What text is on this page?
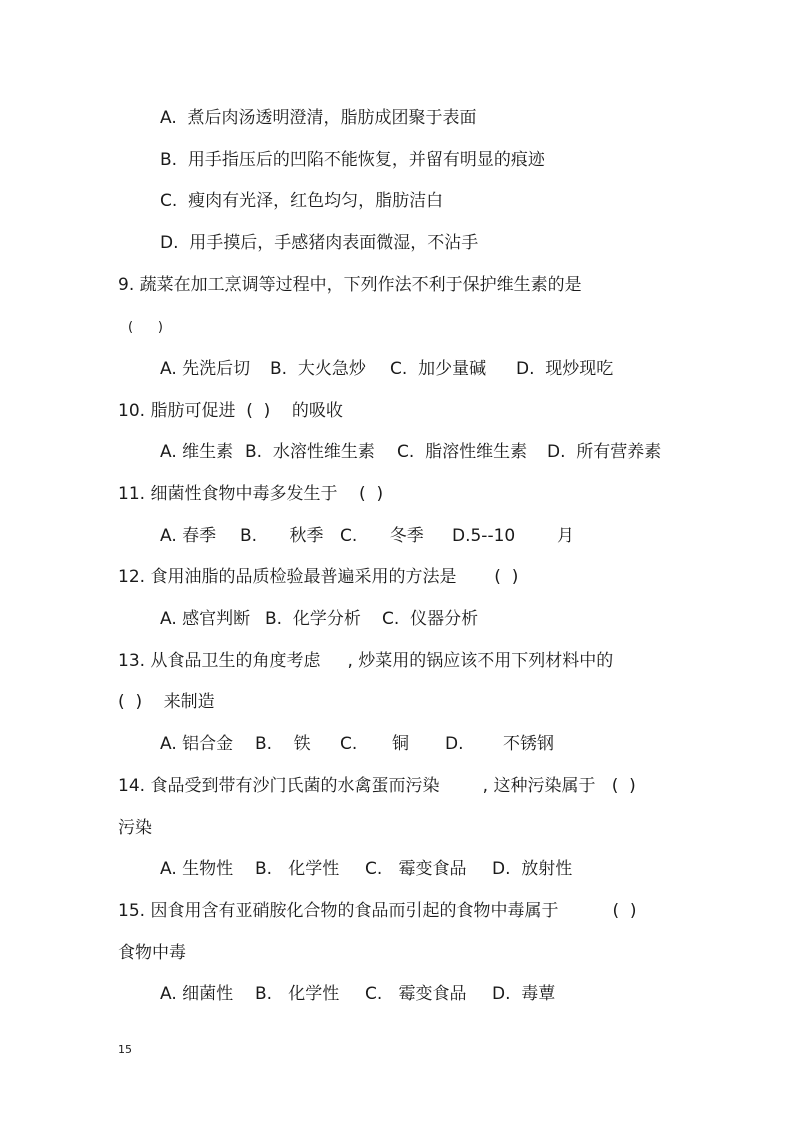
A.  煮后肉汤透明澄清，脂肪成团聚于表面
B.  用手指压后的凹陷不能恢复，并留有明显的痕迹
C.  瘦肉有光泽，红色均匀，脂肪洁白
D.  用手摸后，手感猪肉表面微湿，不沾手
9. 蔬菜在加工烹调等过程中，下列作法不利于保护维生素的是
(      )
A. 先洗后切 B.  大火急炒 C.  加少量碱 D.  现炒现吃
10. 脂肪可促进  (  )    的吸收
A. 维生素 B.  水溶性维生素 C.  脂溶性维生素 D.  所有营养素
11. 细菌性食物中毒多发生于    (  )
A. 春季 B.      秋季 C.      冬季 D.5--10 月
12. 食用油脂的品质检验最普遍采用的方法是       (  )
A. 感官判断 B.  化学分析 C.  仪器分析
13. 从食品卫生的角度考虑     , 炒菜用的锅应该不用下列材料中的
(  )    来制造
A. 铝合金 B.    铁 C. 铜 D. 不锈钢
14. 食品受到带有沙门氏菌的水禽蛋而污染        , 这种污染属于   (  )
污染
A. 生物性 B.   化学性 C.   霉变食品 D.  放射性
15. 因食用含有亚硝胺化合物的食品而引起的食物中毒属于          (  )
食物中毒
A. 细菌性 B.   化学性 C.   霉变食品 D.  毒蕈
15
